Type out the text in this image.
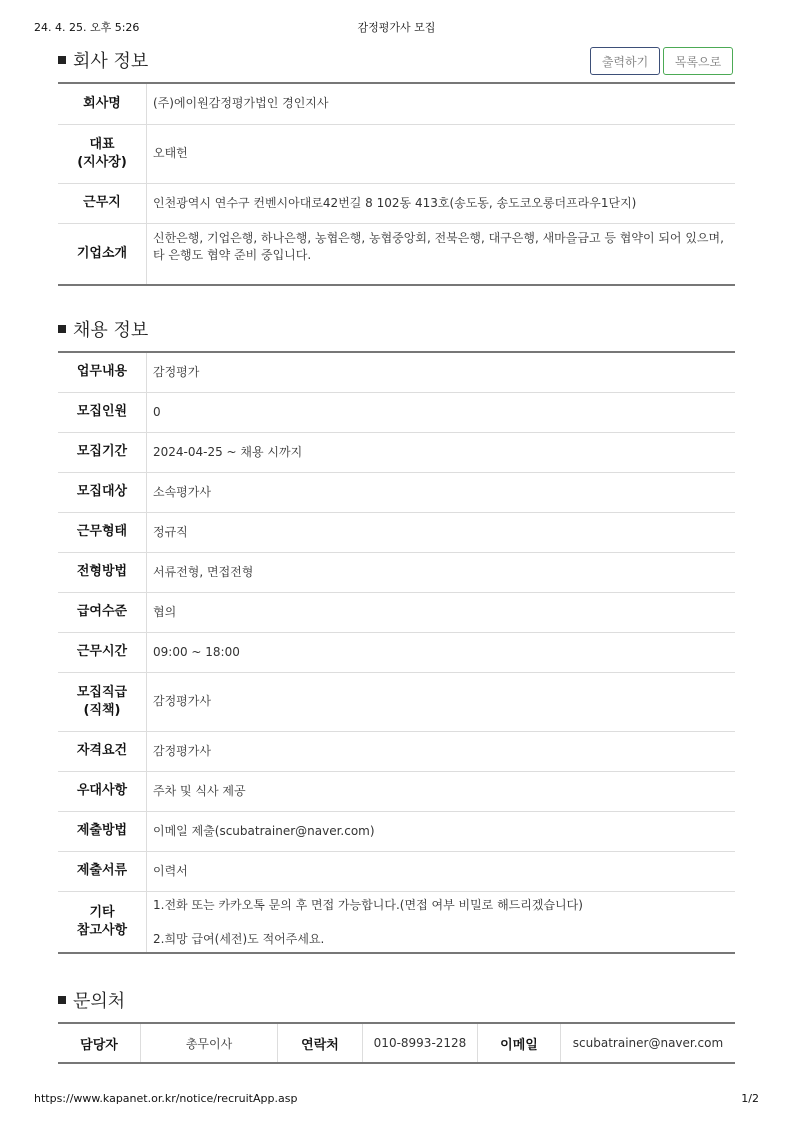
24. 4. 25. 오후 5:26	감정평가사 모집
회사 정보	출력하기	목록으로
회사명	(주)에이원감정평가법인 경인지사
대표
(지사장)	오태헌
근무지	인천광역시 연수구 컨벤시아대로42번길 8 102동 413호(송도동, 송도코오롱더프라우1단지)
기업소개	신한은행, 기업은행, 하나은행, 농협은행, 농협중앙회, 전북은행, 대구은행, 새마을금고 등 협약이 되어 있으며, 타 은행도 협약 준비 중입니다.
채용 정보
업무내용	감정평가
모집인원	0
모집기간	2024-04-25 ~ 채용 시까지
모집대상	소속평가사
근무형태	정규직
전형방법	서류전형, 면접전형
급여수준	협의
근무시간	09:00 ~ 18:00
모집직급
(직책)	감정평가사
자격요건	감정평가사
우대사항	주차 및 식사 제공
제출방법	이메일 제출(scubatrainer@naver.com)
제출서류	이력서
기타
참고사항	1.전화 또는 카카오톡 문의 후 면접 가능합니다.(면접 여부 비밀로 해드리겠습니다)

2.희망 급여(세전)도 적어주세요.
문의처
담당자	총무이사	연락처	010-8993-2128	이메일	scubatrainer@naver.com
https://www.kapanet.or.kr/notice/recruitApp.asp	1/2
